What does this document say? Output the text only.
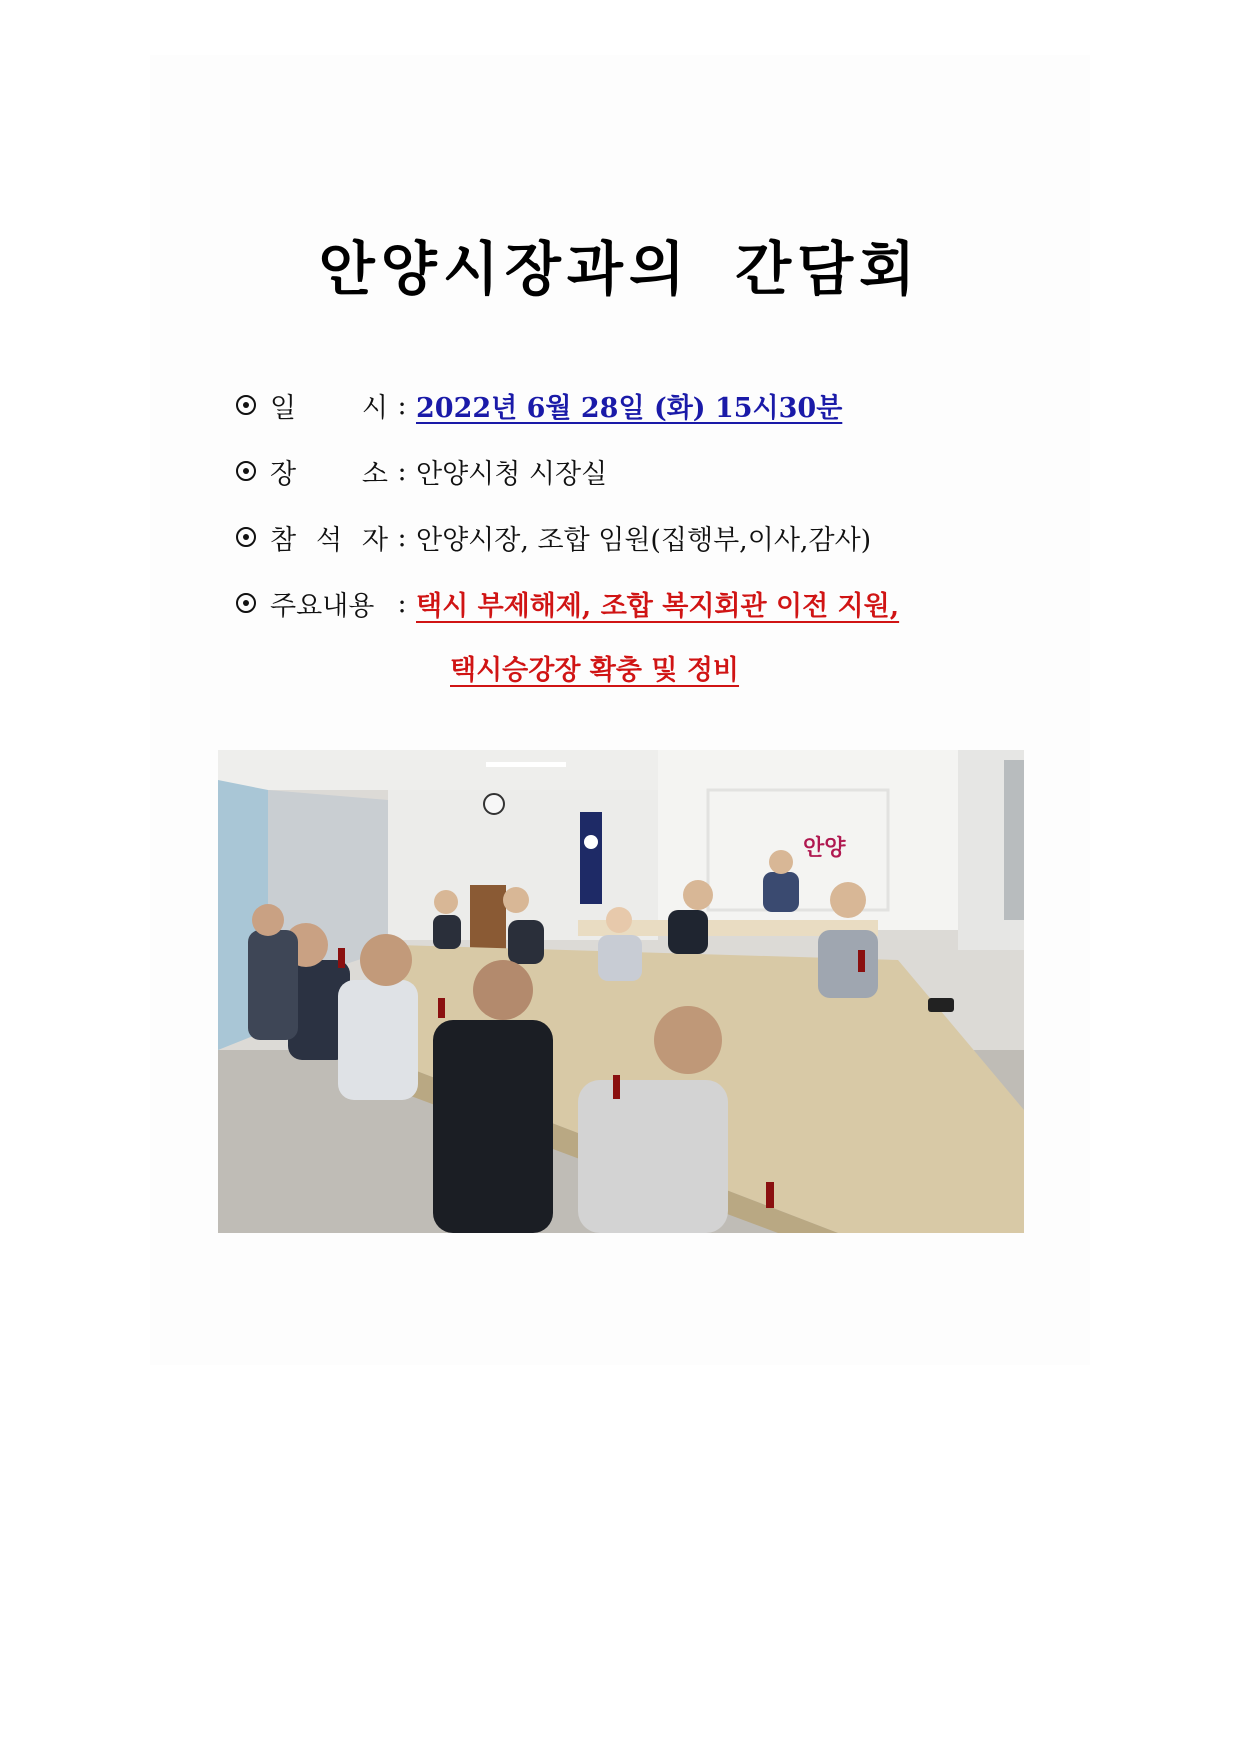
안양시장과의 간담회
일 시 : 2022년 6월 28일 (화) 15시30분
장 소 : 안양시청 시장실
참 석 자 : 안양시장, 조합 임원(집행부,이사,감사)
주요내용 : 택시 부제해제, 조합 복지회관 이전 지원,
택시승강장 확충 및 정비
안양
